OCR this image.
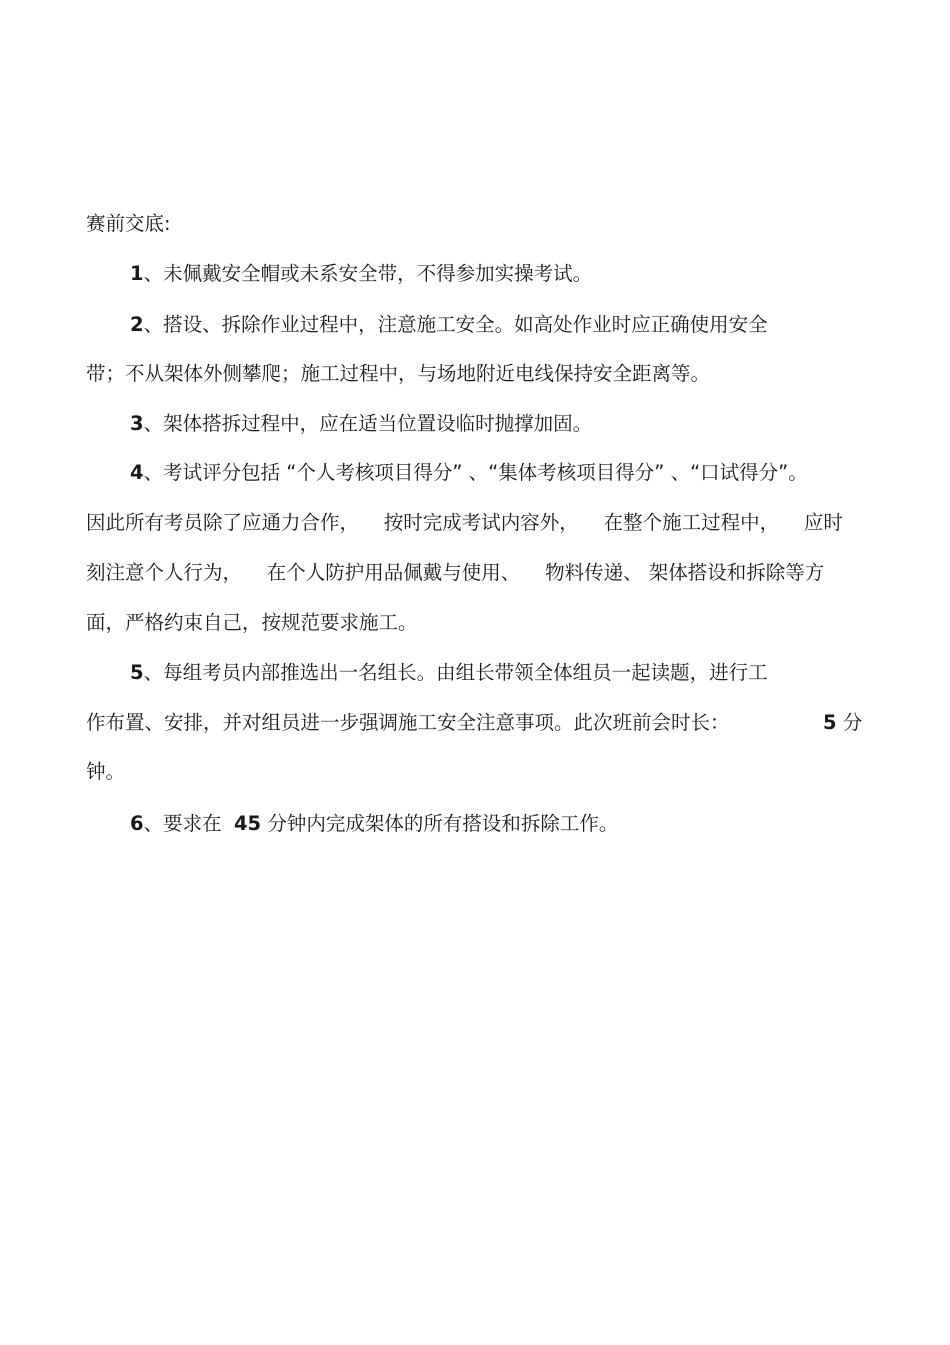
赛前交底:

1、未佩戴安全帽或未系安全带，不得参加实操考试。

2、搭设、拆除作业过程中，注意施工安全。如高处作业时应正确使用安全

带；不从架体外侧攀爬；施工过程中，与场地附近电线保持安全距离等。

3、架体搭拆过程中，应在适当位置设临时抛撑加固。

4、考试评分包括 “个人考核项目得分” 、“集体考核项目得分” 、“口试得分”。

因此所有考员除了应通力合作，    按时完成考试内容外，    在整个施工过程中，    应时

刻注意个人行为，    在个人防护用品佩戴与使用、    物料传递、 架体搭设和拆除等方

面，严格约束自己，按规范要求施工。

5、每组考员内部推选出一名组长。由组长带领全体组员一起读题，进行工

作布置、安排，并对组员进一步强调施工安全注意事项。此次班前会时长：	5 分

钟。

6、要求在  45 分钟内完成架体的所有搭设和拆除工作。
